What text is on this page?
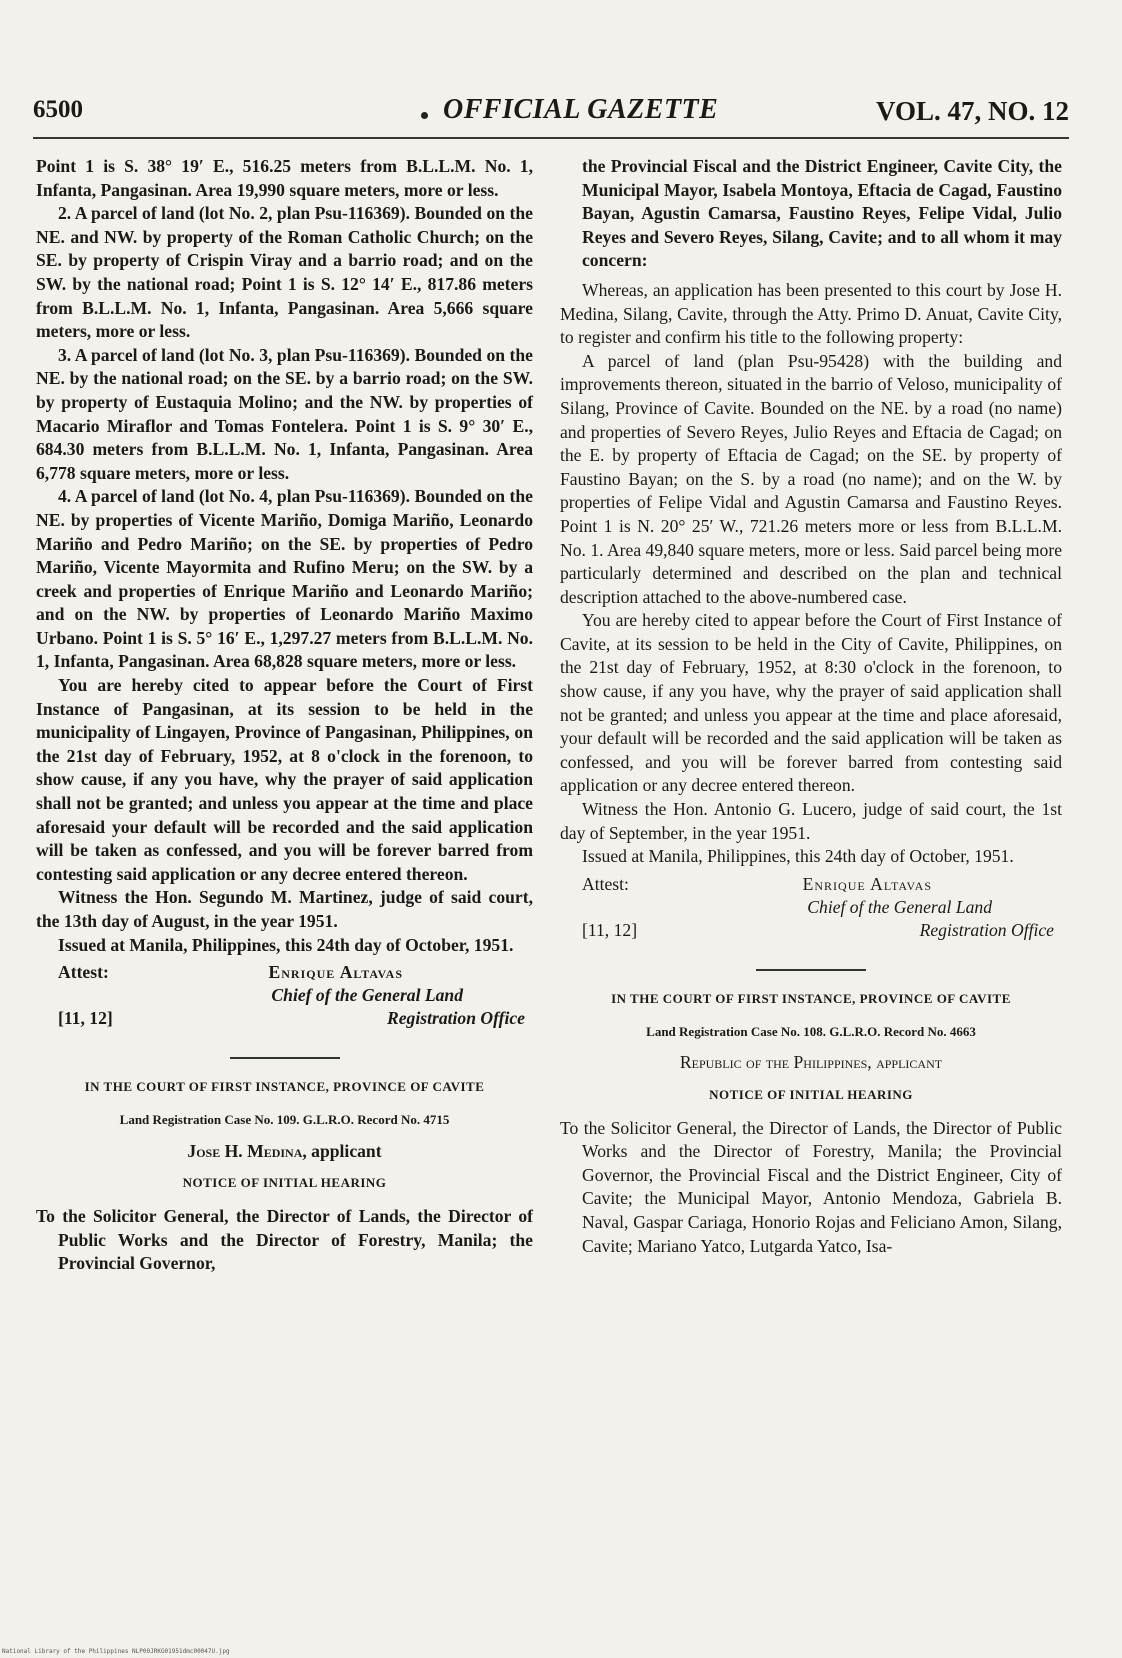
6500	OFFICIAL GAZETTE	VOL. 47, NO. 12

Point 1 is S. 38° 19′ E., 516.25 meters from B.L.L.M. No. 1, Infanta, Pangasinan. Area 19,990 square meters, more or less.

2. A parcel of land (lot No. 2, plan Psu-116369). Bounded on the NE. and NW. by property of the Roman Catholic Church; on the SE. by property of Crispin Viray and a barrio road; and on the SW. by the national road; Point 1 is S. 12° 14′ E., 817.86 meters from B.L.L.M. No. 1, Infanta, Pangasinan. Area 5,666 square meters, more or less.

3. A parcel of land (lot No. 3, plan Psu-116369). Bounded on the NE. by the national road; on the SE. by a barrio road; on the SW. by property of Eustaquia Molino; and the NW. by properties of Macario Miraflor and Tomas Fontelera. Point 1 is S. 9° 30′ E., 684.30 meters from B.L.L.M. No. 1, Infanta, Pangasinan. Area 6,778 square meters, more or less.

4. A parcel of land (lot No. 4, plan Psu-116369). Bounded on the NE. by properties of Vicente Mariño, Domiga Mariño, Leonardo Mariño and Pedro Mariño; on the SE. by properties of Pedro Mariño, Vicente Mayormita and Rufino Meru; on the SW. by a creek and properties of Enrique Mariño and Leonardo Mariño; and on the NW. by properties of Leonardo Mariño Maximo Urbano. Point 1 is S. 5° 16′ E., 1,297.27 meters from B.L.L.M. No. 1, Infanta, Pangasinan. Area 68,828 square meters, more or less.

You are hereby cited to appear before the Court of First Instance of Pangasinan, at its session to be held in the municipality of Lingayen, Province of Pangasinan, Philippines, on the 21st day of February, 1952, at 8 o'clock in the forenoon, to show cause, if any you have, why the prayer of said application shall not be granted; and unless you appear at the time and place aforesaid your default will be recorded and the said application will be taken as confessed, and you will be forever barred from contesting said application or any decree entered thereon.

Witness the Hon. Segundo M. Martinez, judge of said court, the 13th day of August, in the year 1951.

Issued at Manila, Philippines, this 24th day of October, 1951.

Attest:	Enrique Altavas
Chief of the General Land
[11, 12]	Registration Office
IN THE COURT OF FIRST INSTANCE, PROVINCE OF CAVITE
Land Registration Case No. 109. G.L.R.O. Record No. 4715
Jose H. Medina, applicant
NOTICE OF INITIAL HEARING

To the Solicitor General, the Director of Lands, the Director of Public Works and the Director of Forestry, Manila; the Provincial Governor,

the Provincial Fiscal and the District Engineer, Cavite City, the Municipal Mayor, Isabela Montoya, Eftacia de Cagad, Faustino Bayan, Agustin Camarsa, Faustino Reyes, Felipe Vidal, Julio Reyes and Severo Reyes, Silang, Cavite; and to all whom it may concern:

Whereas, an application has been presented to this court by Jose H. Medina, Silang, Cavite, through the Atty. Primo D. Anuat, Cavite City, to register and confirm his title to the following property:

A parcel of land (plan Psu-95428) with the building and improvements thereon, situated in the barrio of Veloso, municipality of Silang, Province of Cavite. Bounded on the NE. by a road (no name) and properties of Severo Reyes, Julio Reyes and Eftacia de Cagad; on the E. by property of Eftacia de Cagad; on the SE. by property of Faustino Bayan; on the S. by a road (no name); and on the W. by properties of Felipe Vidal and Agustin Camarsa and Faustino Reyes. Point 1 is N. 20° 25′ W., 721.26 meters more or less from B.L.L.M. No. 1. Area 49,840 square meters, more or less. Said parcel being more particularly determined and described on the plan and technical description attached to the above-numbered case.

You are hereby cited to appear before the Court of First Instance of Cavite, at its session to be held in the City of Cavite, Philippines, on the 21st day of February, 1952, at 8:30 o'clock in the forenoon, to show cause, if any you have, why the prayer of said application shall not be granted; and unless you appear at the time and place aforesaid, your default will be recorded and the said application will be taken as confessed, and you will be forever barred from contesting said application or any decree entered thereon.

Witness the Hon. Antonio G. Lucero, judge of said court, the 1st day of September, in the year 1951.

Issued at Manila, Philippines, this 24th day of October, 1951.

Attest:	Enrique Altavas
Chief of the General Land
[11, 12]	Registration Office
IN THE COURT OF FIRST INSTANCE, PROVINCE OF CAVITE
Land Registration Case No. 108. G.L.R.O. Record No. 4663
Republic of the Philippines, applicant
NOTICE OF INITIAL HEARING

To the Solicitor General, the Director of Lands, the Director of Public Works and the Director of Forestry, Manila; the Provincial Governor, the Provincial Fiscal and the District Engineer, City of Cavite; the Municipal Mayor, Antonio Mendoza, Gabriela B. Naval, Gaspar Cariaga, Honorio Rojas and Feliciano Amon, Silang, Cavite; Mariano Yatco, Lutgarda Yatco, Isa-

National Library of the Philippines NLP00JRKG01951dmc00047U.jpg
